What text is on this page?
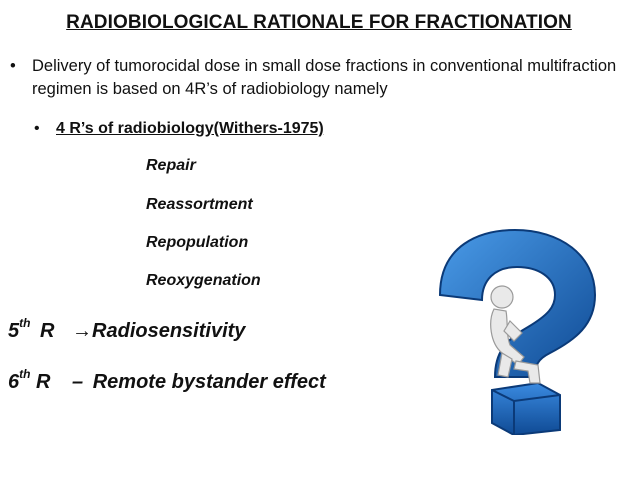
RADIOBIOLOGICAL RATIONALE FOR FRACTIONATION
• Delivery of tumorocidal dose in small dose fractions in conventional multifraction regimen is based on 4R’s of radiobiology namely
• 4 R’s of radiobiology(Withers-1975)
Repair
Reassortment
Repopulation
Reoxygenation
5th R →Radiosensitivity
6th R – Remote bystander effect
